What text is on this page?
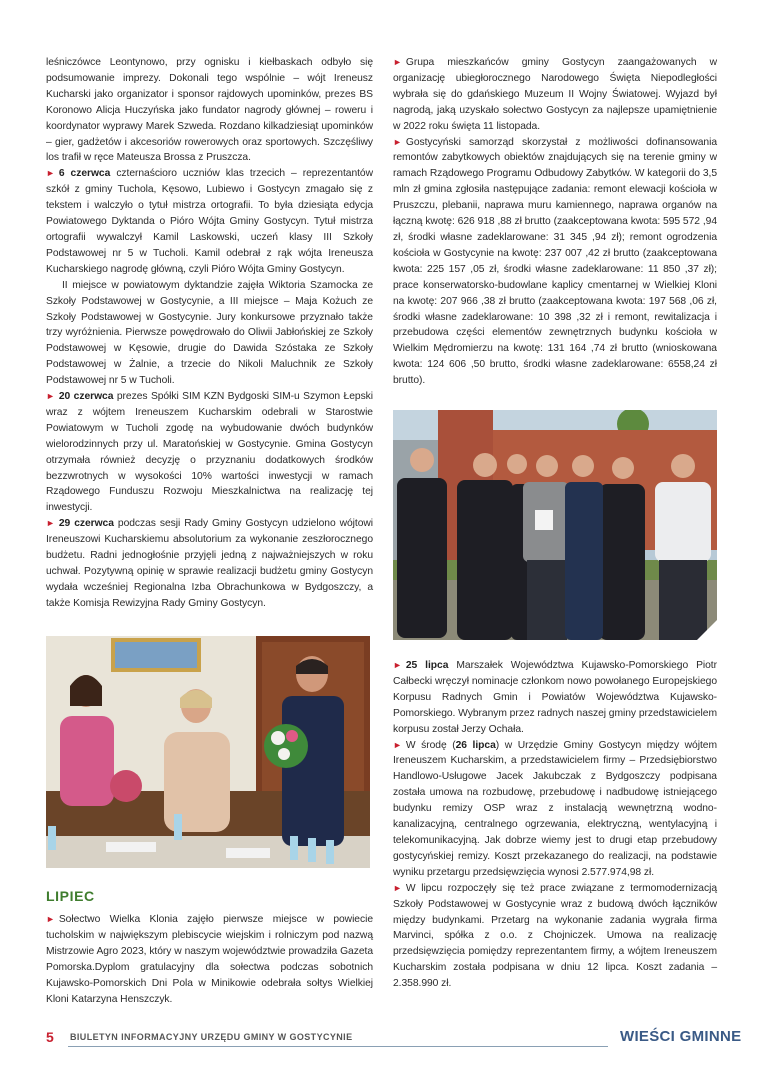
leśniczówce Leontynowo, przy ognisku i kiełbaskach odbyło się podsumowanie imprezy. Dokonali tego wspólnie – wójt Ireneusz Kucharski jako organizator i sponsor rajdowych upominków, prezes BS Koronowo Alicja Huczyńska jako fundator nagrody głównej – roweru i koordynator wyprawy Marek Szweda. Rozdano kilkadziesiąt upominków – gier, gadżetów i akcesoriów rowerowych oraz sportowych. Szczęśliwy los trafił w ręce Mateusza Brossa z Pruszcza.

► 6 czerwca czternaścioro uczniów klas trzecich – reprezentantów szkół z gminy Tuchola, Kęsowo, Lubiewo i Gostycyn zmagało się z tekstem i walczyło o tytuł mistrza ortografii. To była dziesiąta edycja Powiatowego Dyktanda o Pióro Wójta Gminy Gostycyn. Tytuł mistrza ortografii wywalczył Kamil Laskowski, uczeń klasy III Szkoły Podstawowej nr 5 w Tucholi. Kamil odebrał z rąk wójta Ireneusza Kucharskiego nagrodę główną, czyli Pióro Wójta Gminy Gostycyn.

II miejsce w powiatowym dyktandzie zajęła Wiktoria Szamocka ze Szkoły Podstawowej w Gostycynie, a III miejsce – Maja Kożuch ze Szkoły Podstawowej w Gostycynie. Jury konkursowe przyznało także trzy wyróżnienia. Pierwsze powędrowało do Oliwii Jabłońskiej ze Szkoły Podstawowej w Kęsowie, drugie do Dawida Szóstaka ze Szkoły Podstawowej w Żalnie, a trzecie do Nikoli Maluchnik ze Szkoły Podstawowej nr 5 w Tucholi.

► 20 czerwca prezes Spółki SIM KZN Bydgoski SIM-u Szymon Łepski wraz z wójtem Ireneuszem Kucharskim odebrali w Starostwie Powiatowym w Tucholi zgodę na wybudowanie dwóch budynków wielorodzinnych przy ul. Maratońskiej w Gostycynie. Gmina Gostycyn otrzymała również decyzję o przyznaniu dodatkowych środków bezzwrotnych w wysokości 10% wartości inwestycji w ramach Rządowego Funduszu Rozwoju Mieszkalnictwa na realizację tej inwestycji.

► 29 czerwca podczas sesji Rady Gminy Gostycyn udzielono wójtowi Ireneuszowi Kucharskiemu absolutorium za wykonanie zeszłorocznego budżetu. Radni jednogłośnie przyjęli jedną z najważniejszych w roku uchwał. Pozytywną opinię w sprawie realizacji budżetu gminy Gostycyn wydała wcześniej Regionalna Izba Obrachunkowa w Bydgoszczy, a także Komisja Rewizyjna Rady Gminy Gostycyn.

LIPIEC

► Sołectwo Wielka Klonia zajęło pierwsze miejsce w powiecie tucholskim w największym plebiscycie wiejskim i rolniczym pod nazwą Mistrzowie Agro 2023, który w naszym województwie prowadziła Gazeta Pomorska.Dyplom gratulacyjny dla sołectwa podczas sobotnich Kujawsko-Pomorskich Dni Pola w Minikowie odebrała sołtys Wielkiej Kloni Katarzyna Henszczyk.

► Grupa mieszkańców gminy Gostycyn zaangażowanych w organizację ubiegłorocznego Narodowego Święta Niepodległości wybrała się do gdańskiego Muzeum II Wojny Światowej. Wyjazd był nagrodą, jaką uzyskało sołectwo Gostycyn za najlepsze upamiętnienie w 2022 roku święta 11 listopada.

► Gostycyński samorząd skorzystał z możliwości dofinansowania remontów zabytkowych obiektów znajdujących się na terenie gminy w ramach Rządowego Programu Odbudowy Zabytków. W kategorii do 3,5 mln zł gmina zgłosiła następujące zadania: remont elewacji kościoła w Pruszczu, plebanii, naprawa muru kamiennego, naprawa organów na łączną kwotę: 626 918 ,88 zł brutto (zaakceptowana kwota: 595 572 ,94 zł, środki własne zadeklarowane: 31 345 ,94 zł); remont ogrodzenia kościoła w Gostycynie na kwotę: 237 007 ,42 zł brutto (zaakceptowana kwota: 225 157 ,05 zł, środki własne zadeklarowane: 11 850 ,37 zł); prace konserwatorsko-budowlane kaplicy cmentarnej w Wielkiej Kloni na kwotę: 207 966 ,38 zł brutto (zaakceptowana kwota: 197 568 ,06 zł, środki własne zadeklarowane: 10 398 ,32 zł i remont, rewitalizacja i przebudowa części elementów zewnętrznych budynku kościoła w Wielkim Mędromierzu na kwotę: 131 164 ,74 zł brutto (wnioskowana kwota: 124 606 ,50 brutto, środki własne zadeklarowane: 6558,24 zł brutto).

► 25 lipca Marszałek Województwa Kujawsko-Pomorskiego Piotr Całbecki wręczył nominacje członkom nowo powołanego Europejskiego Korpusu Radnych Gmin i Powiatów Województwa Kujawsko-Pomorskiego. Wybranym przez radnych naszej gminy przedstawicielem korpusu został Jerzy Ochała.

► W środę (26 lipca) w Urzędzie Gminy Gostycyn między wójtem Ireneuszem Kucharskim, a przedstawicielem firmy – Przedsiębiorstwo Handlowo-Usługowe Jacek Jakubczak z Bydgoszczy podpisana została umowa na rozbudowę, przebudowę i nadbudowę istniejącego budynku remizy OSP wraz z instalacją wewnętrzną wodno-kanalizacyjną, centralnego ogrzewania, elektryczną, wentylacyjną i telekomunikacyjną. Jak dobrze wiemy jest to drugi etap przebudowy gostycyńskiej remizy. Koszt przekazanego do realizacji, na podstawie wyniku przetargu przedsięwzięcia wynosi 2.577.974,98 zł.

► W lipcu rozpoczęły się też prace związane z termomodernizacją Szkoły Podstawowej w Gostycynie wraz z budową dwóch łączników między budynkami. Przetarg na wykonanie zadania wygrała firma Marvinci, spółka z o.o. z Chojniczek. Umowa na realizację przedsięwzięcia pomiędzy reprezentantem firmy, a wójtem Ireneuszem Kucharskim została podpisana w dniu 12 lipca. Koszt zadania – 2.358.990 zł.

5 BIULETYN INFORMACYJNY URZĘDU GMINY W GOSTYCYNIE	WIEŚCI GMINNE
